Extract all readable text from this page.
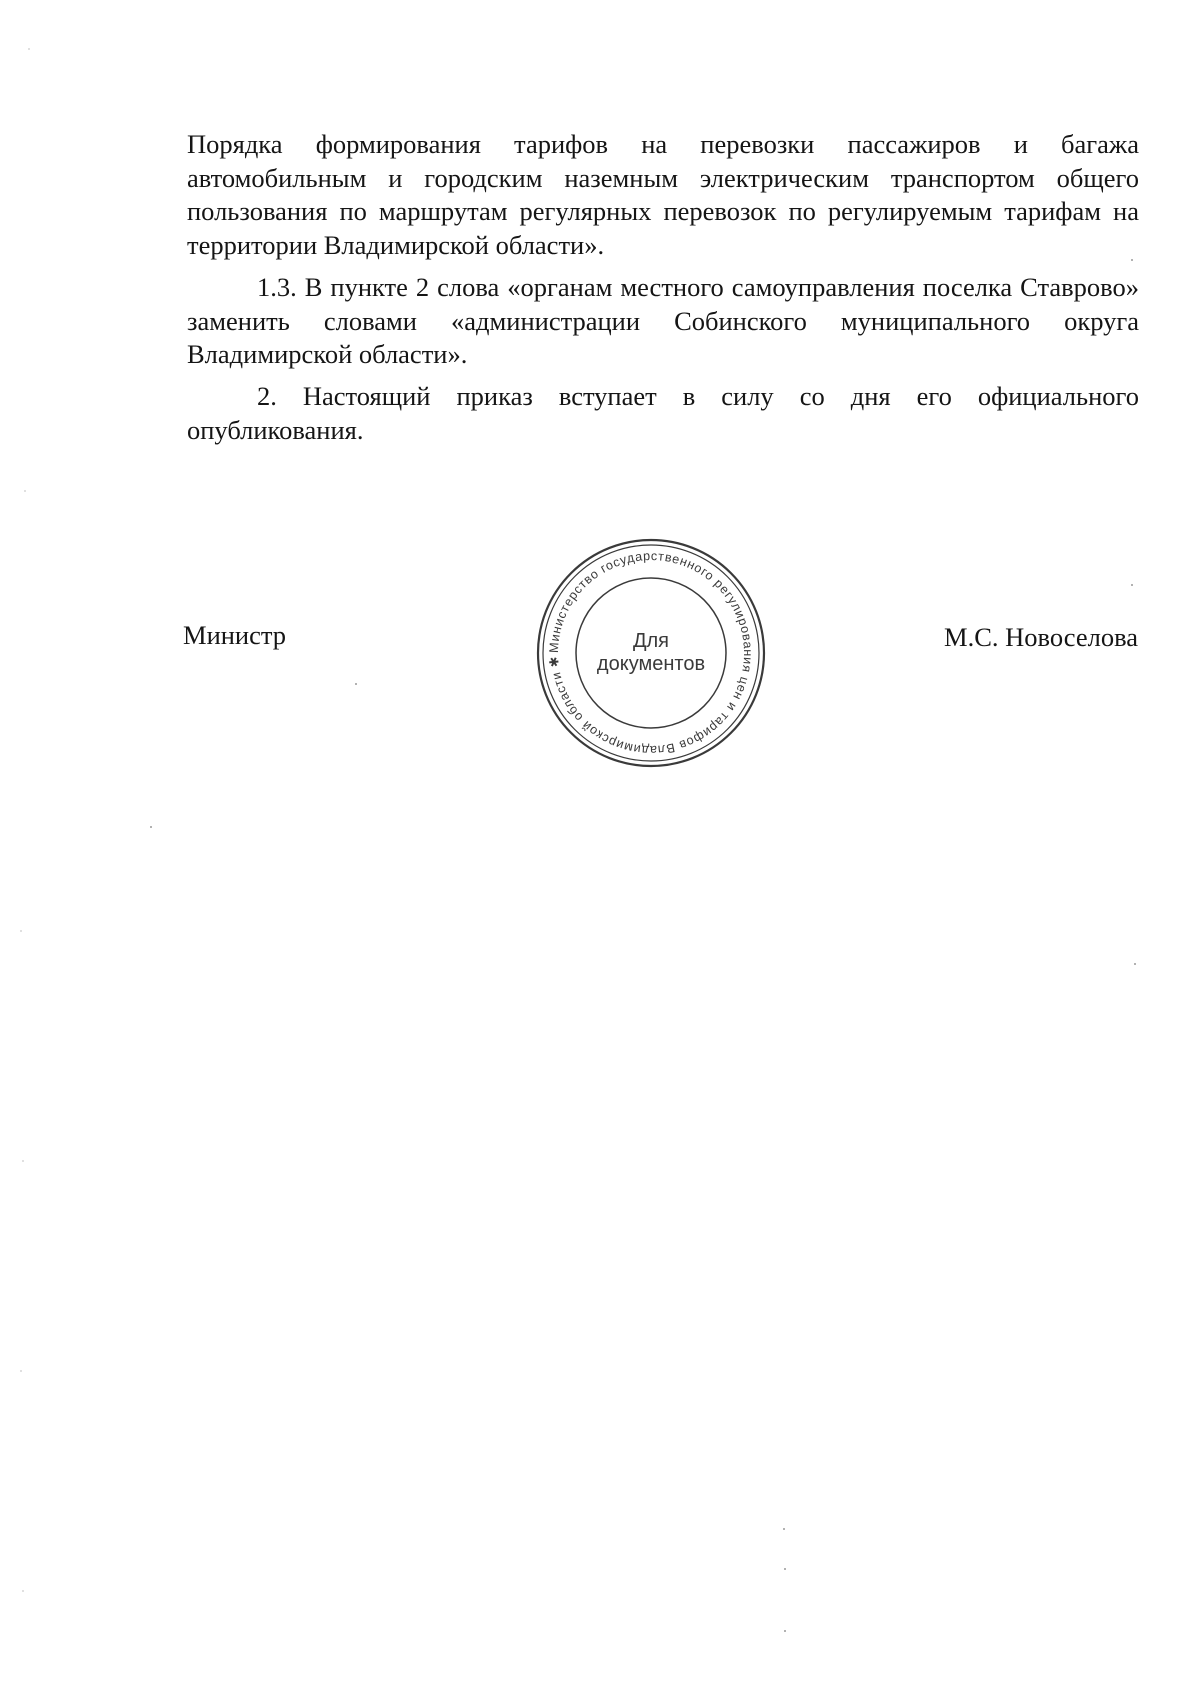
Порядка формирования тарифов на перевозки пассажиров и багажа автомобильным и городским наземным электрическим транспортом общего пользования по маршрутам регулярных перевозок по регулируемым тарифам на территории Владимирской области».

1.3. В пункте 2 слова «органам местного самоуправления поселка Ставрово» заменить словами «администрации Собинского муниципального округа Владимирской области».

2. Настоящий приказ вступает в силу со дня его официального опубликования.

Министр	Министерство государственного регулирования цен и тарифов Владимирской области ✱
Для
документов

М.С. Новоселова
